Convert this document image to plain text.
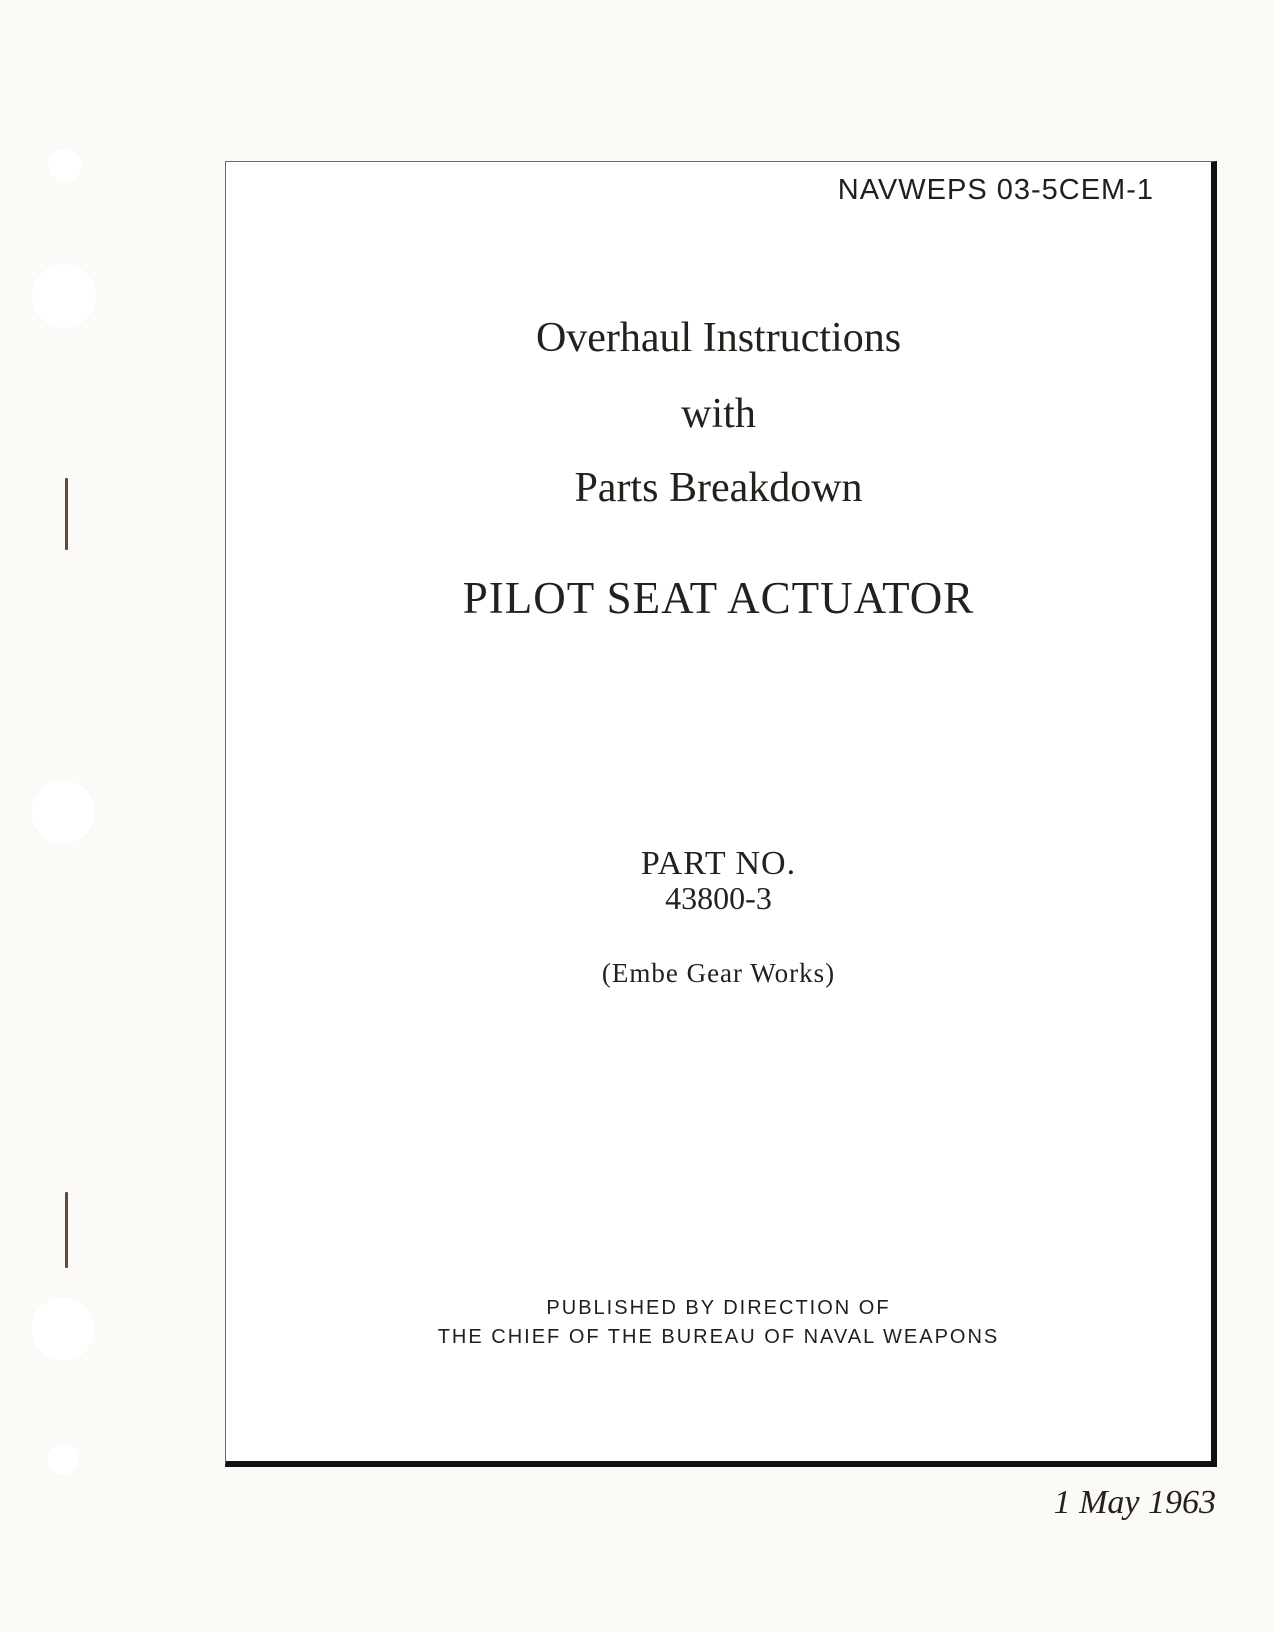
NAVWEPS 03-5CEM-1
Overhaul Instructions
with
Parts Breakdown
PILOT SEAT ACTUATOR
PART NO.
43800-3
(Embe Gear Works)
PUBLISHED BY DIRECTION OF
THE CHIEF OF THE BUREAU OF NAVAL WEAPONS
1 May 1963
